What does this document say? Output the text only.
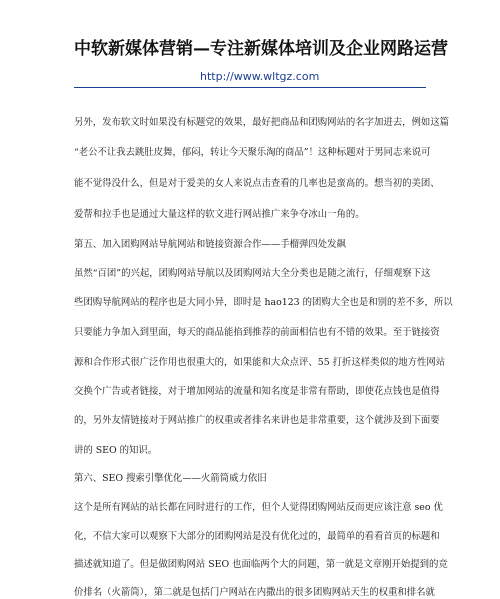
中软新媒体营销—专注新媒体培训及企业网路运营
http://www.wltgz.com
另外，发布软文时如果没有标题党的效果，最好把商品和团购网站的名字加进去，例如这篇
“老公不让我去跳肚皮舞，郁闷，转让今天聚乐淘的商品”！这种标题对于男同志来说可
能不觉得没什么，但是对于爱美的女人来说点击查看的几率也是蛮高的。想当初的美团、
爱帮和拉手也是通过大量这样的软文进行网站推广来争夺冰山一角的。
第五、加入团购网站导航网站和链接资源合作——手榴弹四处发飙
虽然“百团”的兴起，团购网站导航以及团购网站大全分类也是随之流行，仔细观察下这
些团购导航网站的程序也是大同小异，即时是 hao123 的团购大全也是和别的差不多，所以
只要能力争加入到里面，每天的商品能掐到推荐的前面相信也有不错的效果。至于链接资
源和合作形式很广泛作用也很重大的，如果能和大众点评、55 打折这样类似的地方性网站
交换个广告或者链接，对于增加网站的流量和知名度是非常有帮助，即使花点钱也是值得
的，另外友情链接对于网站推广的权重或者排名来讲也是非常重要，这个就涉及到下面要
讲的 SEO 的知识。
第六、SEO 搜索引擎优化——火箭筒威力依旧
这个是所有网站的站长都在同时进行的工作，但个人觉得团购网站反而更应该注意 seo 优
化，不信大家可以观察下大部分的团购网站是没有优化过的，最简单的看看首页的标题和
描述就知道了。但是做团购网站 SEO 也面临两个大的问题，第一就是文章刚开始提到的竞
价排名（火箭筒），第二就是包括门户网站在内撒出的很多团购网站天生的权重和排名就
